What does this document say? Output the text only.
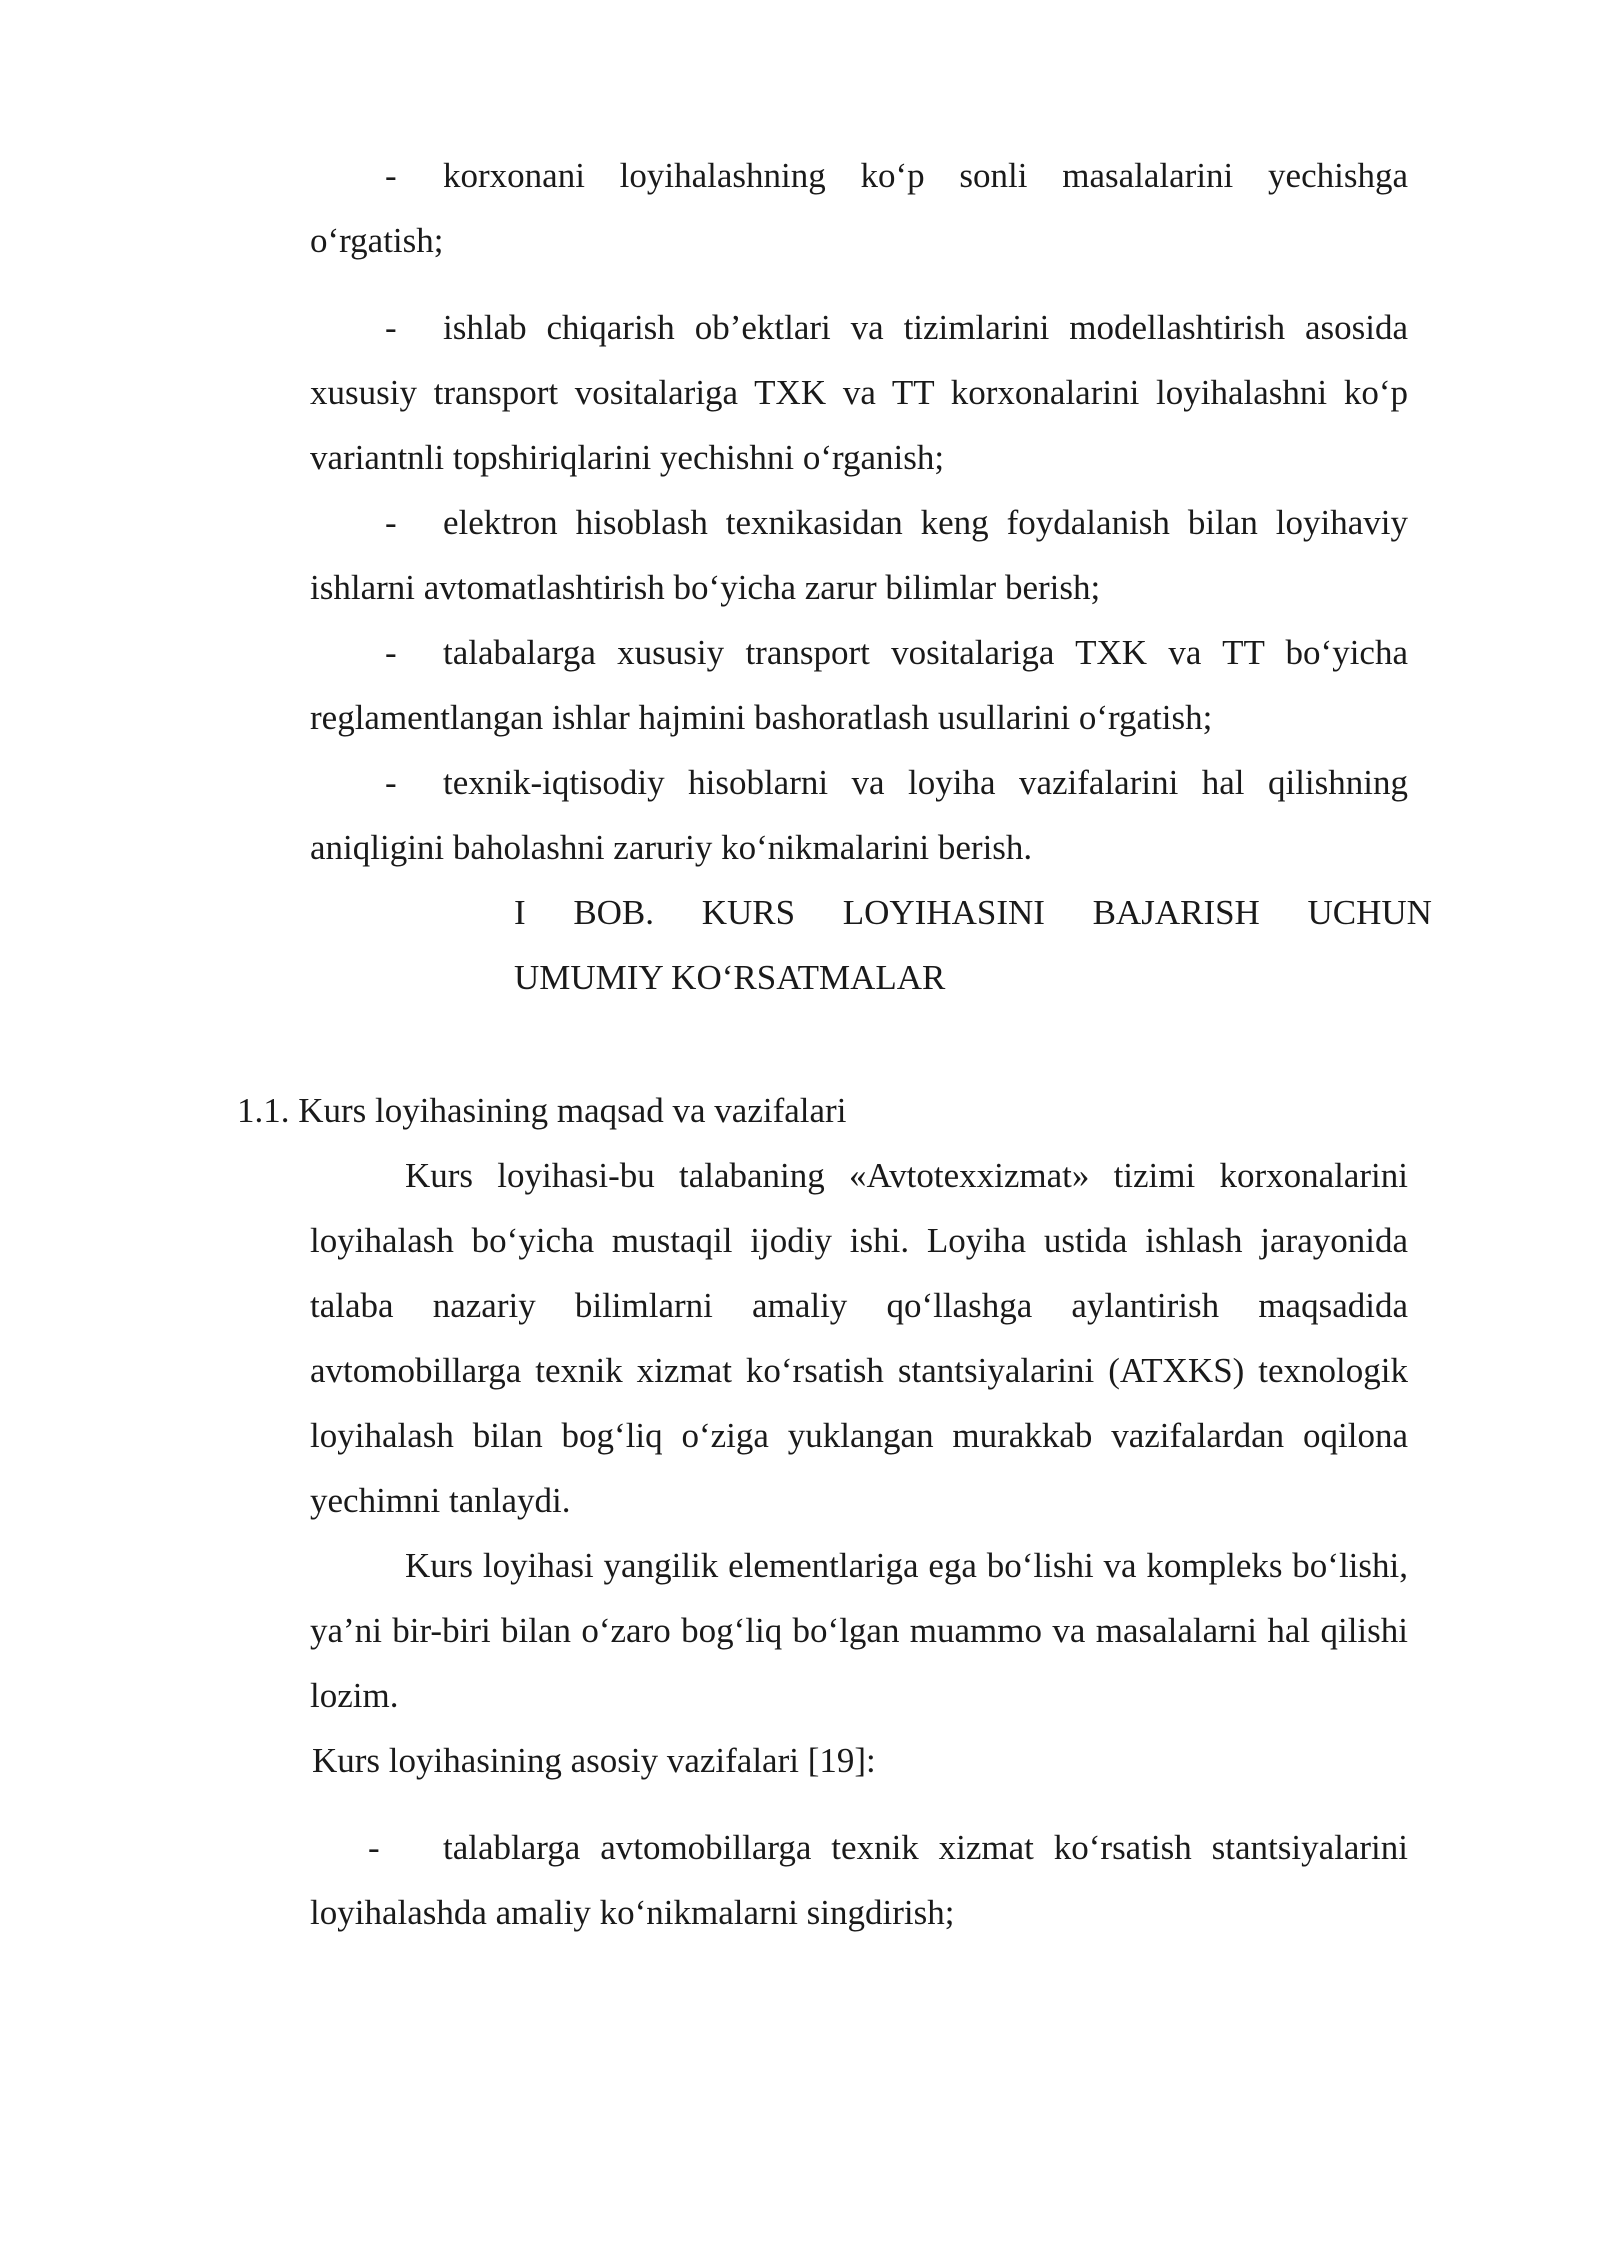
-	korxonani loyihalashning ko‘p sonli masalalarini yechishga o‘rgatish;

-	ishlab chiqarish ob’ektlari va tizimlarini modellashtirish asosida xususiy transport vositalariga TXK va TT korxonalarini loyihalashni ko‘p variantnli topshiriqlarini yechishni o‘rganish;

-	elektron hisoblash texnikasidan keng foydalanish bilan loyihaviy ishlarni avtomatlashtirish bo‘yicha zarur bilimlar berish;

-	talabalarga xususiy transport vositalariga TXK va TT bo‘yicha reglamentlangan ishlar hajmini bashoratlash usullarini o‘rgatish;

-	texnik-iqtisodiy hisoblarni va loyiha vazifalarini hal qilishning aniqligini baholashni zaruriy ko‘nikmalarini berish.

I BOB. KURS LOYIHASINI BAJARISH UCHUN
UMUMIY KO‘RSATMALAR
1.1. Kurs loyihasining maqsad va vazifalari

Kurs loyihasi-bu talabaning «Avtotexxizmat» tizimi korxonalarini loyihalash bo‘yicha mustaqil ijodiy ishi. Loyiha ustida ishlash jarayonida talaba nazariy bilimlarni amaliy qo‘llashga aylantirish maqsadida avtomobillarga texnik xizmat ko‘rsatish stantsiyalarini (ATXKS) texnologik loyihalash bilan bog‘liq o‘ziga yuklangan murakkab vazifalardan oqilona yechimni tanlaydi.

Kurs loyihasi yangilik elementlariga ega bo‘lishi va kompleks bo‘lishi, ya’ni bir-biri bilan o‘zaro bog‘liq bo‘lgan muammo va masalalarni hal qilishi lozim.

Kurs loyihasining asosiy vazifalari [19]:
-	talablarga avtomobillarga texnik xizmat ko‘rsatish stantsiyalarini loyihalashda amaliy ko‘nikmalarni singdirish;
